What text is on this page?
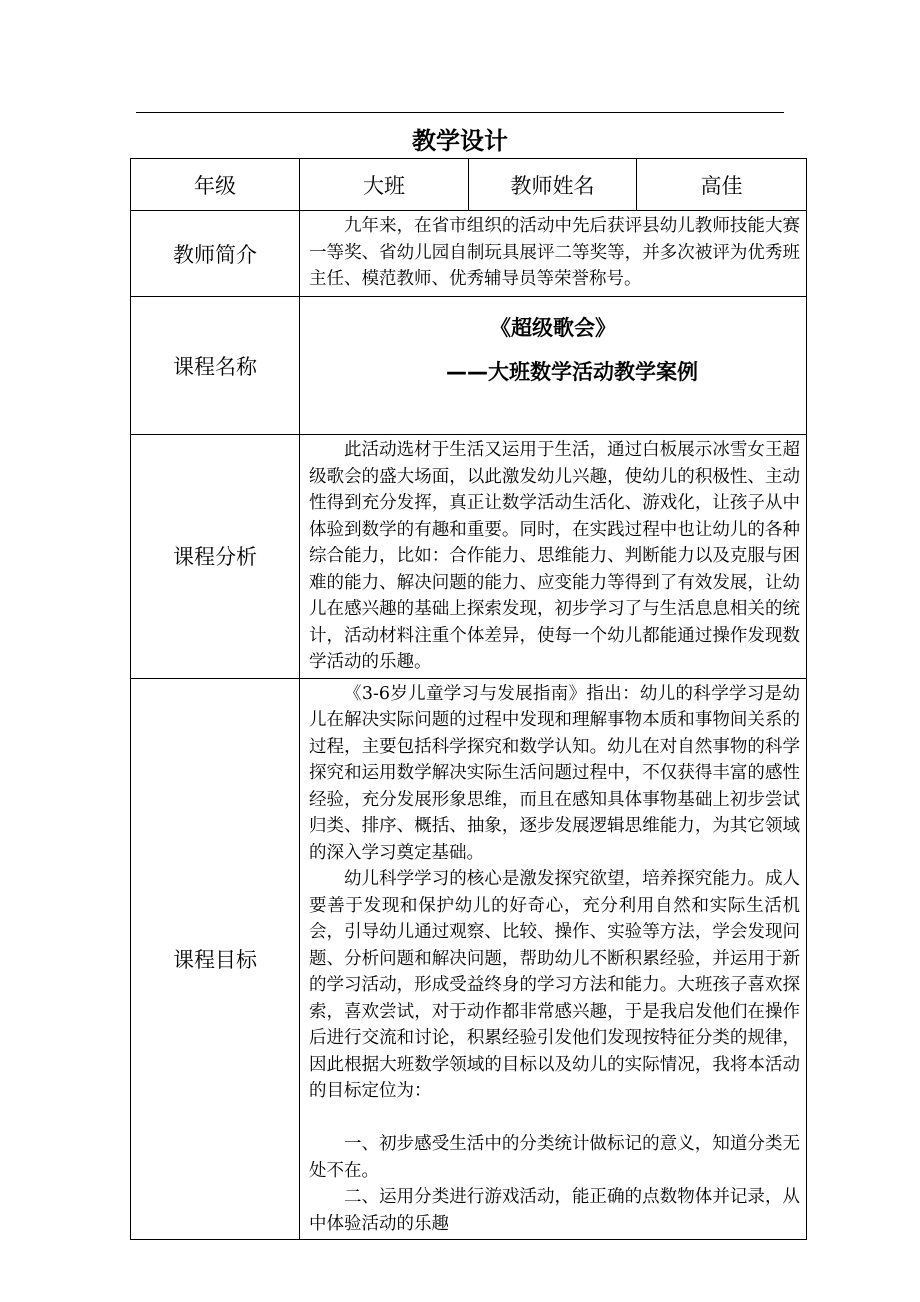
教学设计
年级	大班	教师姓名	高佳
教师简介	九年来，在省市组织的活动中先后获评县幼儿教师技能大赛一等奖、省幼儿园自制玩具展评二等奖等，并多次被评为优秀班主任、模范教师、优秀辅导员等荣誉称号。		

课程名称	《超级歌会》
——大班数学活动教学案例		

课程分析	此活动选材于生活又运用于生活，通过白板展示冰雪女王超级歌会的盛大场面，以此激发幼儿兴趣，使幼儿的积极性、主动性得到充分发挥，真正让数学活动生活化、游戏化，让孩子从中体验到数学的有趣和重要。同时，在实践过程中也让幼儿的各种综合能力，比如：合作能力、思维能力、判断能力以及克服与困难的能力、解决问题的能力、应变能力等得到了有效发展，让幼儿在感兴趣的基础上探索发现，初步学习了与生活息息相关的统计，活动材料注重个体差异，使每一个幼儿都能通过操作发现数学活动的乐趣。		

课程目标	《3-6岁儿童学习与发展指南》指出：幼儿的科学学习是幼儿在解决实际问题的过程中发现和理解事物本质和事物间关系的过程，主要包括科学探究和数学认知。幼儿在对自然事物的科学探究和运用数学解决实际生活问题过程中，不仅获得丰富的感性经验，充分发展形象思维，而且在感知具体事物基础上初步尝试归类、排序、概括、抽象，逐步发展逻辑思维能力，为其它领域的深入学习奠定基础。

幼儿科学学习的核心是激发探究欲望，培养探究能力。成人要善于发现和保护幼儿的好奇心，充分利用自然和实际生活机会，引导幼儿通过观察、比较、操作、实验等方法，学会发现问题、分析问题和解决问题，帮助幼儿不断积累经验，并运用于新的学习活动，形成受益终身的学习方法和能力。大班孩子喜欢探索，喜欢尝试，对于动作都非常感兴趣，于是我启发他们在操作后进行交流和讨论，积累经验引发他们发现按特征分类的规律，因此根据大班数学领域的目标以及幼儿的实际情况，我将本活动的目标定位为：

一、初步感受生活中的分类统计做标记的意义，知道分类无处不在。

二、运用分类进行游戏活动，能正确的点数物体并记录，从中体验活动的乐趣		
